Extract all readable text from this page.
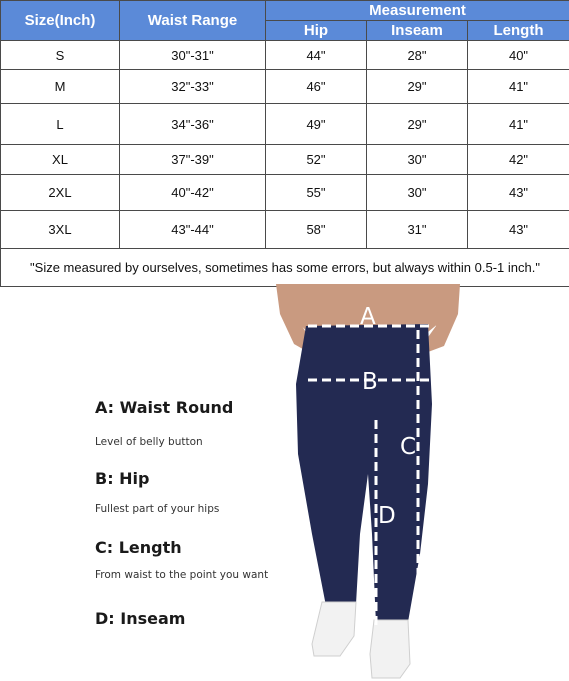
Size(Inch)	Waist Range	Measurement		
		Hip	Inseam	Length
S	30"-31"	44"	28"	40"
M	32"-33"	46"	29"	41"
L	34"-36"	49"	29"	41"
XL	37"-39"	52"	30"	42"
2XL	40"-42"	55"	30"	43"
3XL	43"-44"	58"	31"	43"
"Size measured by ourselves, sometimes has some errors, but always within 0.5-1 inch."				
A: Waist Round
Level of belly button
B: Hip
Fullest part of your hips
C: Length
From waist to the point you want
D: Inseam
A
B
C
D
